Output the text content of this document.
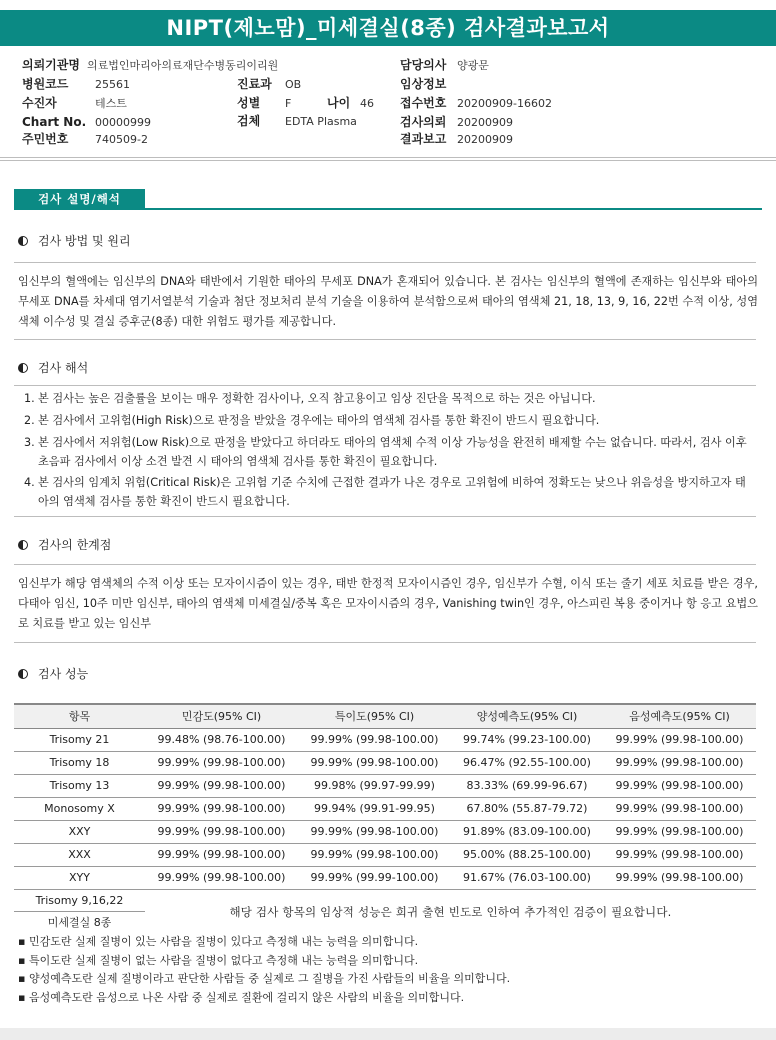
NIPT(제노맘)_미세결실(8종) 검사결과보고서
의뢰기관명 의료법인마리아의료재단수병동리이리원
병원코드 25561
수진자	테스트
Chart No. 00000999
주민번호 740509-2
진료과 OB
성별 F	나이 46
검체 EDTA Plasma
담당의사 양광문
임상정보
접수번호 20200909-16602
검사의뢰 20200909
결과보고 20200909
검사 설명/해석
검사 방법 및 원리
임신부의 혈액에는 임신부의 DNA와 태반에서 기원한 태아의 무세포 DNA가 혼재되어 있습니다. 본 검사는 임신부의 혈액에 존재하는 임신부와 태아의 무세포 DNA를 차세대 염기서열분석 기술과 첨단 정보처리 분석 기술을 이용하여 분석함으로써 태아의 염색체 21, 18, 13, 9, 16, 22번 수적 이상, 성염색체 이수성 및 결실 증후군(8종) 대한 위험도 평가를 제공합니다.
검사 해석
1. 본 검사는 높은 검출률을 보이는 매우 정확한 검사이나, 오직 참고용이고 임상 진단을 목적으로 하는 것은 아닙니다.
2. 본 검사에서 고위험(High Risk)으로 판정을 받았을 경우에는 태아의 염색체 검사를 통한 확진이 반드시 필요합니다.
3. 본 검사에서 저위험(Low Risk)으로 판정을 받았다고 하더라도 태아의 염색체 수적 이상 가능성을 완전히 배제할 수는 없습니다. 따라서, 검사 이후 초음파 검사에서 이상 소견 발견 시 태아의 염색체 검사를 통한 확진이 필요합니다.
4. 본 검사의 임계치 위험(Critical Risk)은 고위험 기준 수치에 근접한 결과가 나온 경우로 고위험에 비하여 정확도는 낮으나 위음성을 방지하고자 태아의 염색체 검사를 통한 확진이 반드시 필요합니다.
검사의 한계점
임신부가 해당 염색체의 수적 이상 또는 모자이시즘이 있는 경우, 태반 한정적 모자이시즘인 경우, 임신부가 수혈, 이식 또는 줄기 세포 치료를 받은 경우, 다태아 임신, 10주 미만 임신부, 태아의 염색체 미세결실/중복 혹은 모자이시즘의 경우, Vanishing twin인 경우, 아스피린 복용 중이거나 항 응고 요법으로 치료를 받고 있는 임신부
검사 성능
항목	민감도(95% CI)	특이도(95% CI)	양성예측도(95% CI)	음성예측도(95% CI)
Trisomy 21	99.48% (98.76-100.00)	99.99% (99.98-100.00)	99.74% (99.23-100.00)	99.99% (99.98-100.00)
Trisomy 18	99.99% (99.98-100.00)	99.99% (99.98-100.00)	96.47% (92.55-100.00)	99.99% (99.98-100.00)
Trisomy 13	99.99% (99.98-100.00)	99.98% (99.97-99.99)	83.33% (69.99-96.67)	99.99% (99.98-100.00)
Monosomy X	99.99% (99.98-100.00)	99.94% (99.91-99.95)	67.80% (55.87-79.72)	99.99% (99.98-100.00)
XXY	99.99% (99.98-100.00)	99.99% (99.98-100.00)	91.89% (83.09-100.00)	99.99% (99.98-100.00)
XXX	99.99% (99.98-100.00)	99.99% (99.98-100.00)	95.00% (88.25-100.00)	99.99% (99.98-100.00)
XYY	99.99% (99.98-100.00)	99.99% (99.99-100.00)	91.67% (76.03-100.00)	99.99% (99.98-100.00)

Trisomy 9,16,22
미세결실 8종	해당 검사 항목의 임상적 성능은 희귀 출현 빈도로 인하여 추가적인 검증이 필요합니다.			
▪ 민감도란 실제 질병이 있는 사람을 질병이 있다고 측정해 내는 능력을 의미합니다.
▪ 특이도란 실제 질병이 없는 사람을 질병이 없다고 측정해 내는 능력을 의미합니다.
▪ 양성예측도란 실제 질병이라고 판단한 사람들 중 실제로 그 질병을 가진 사람들의 비율을 의미합니다.
▪ 음성예측도란 음성으로 나온 사람 중 실제로 질환에 걸리지 않은 사람의 비율을 의미합니다.
